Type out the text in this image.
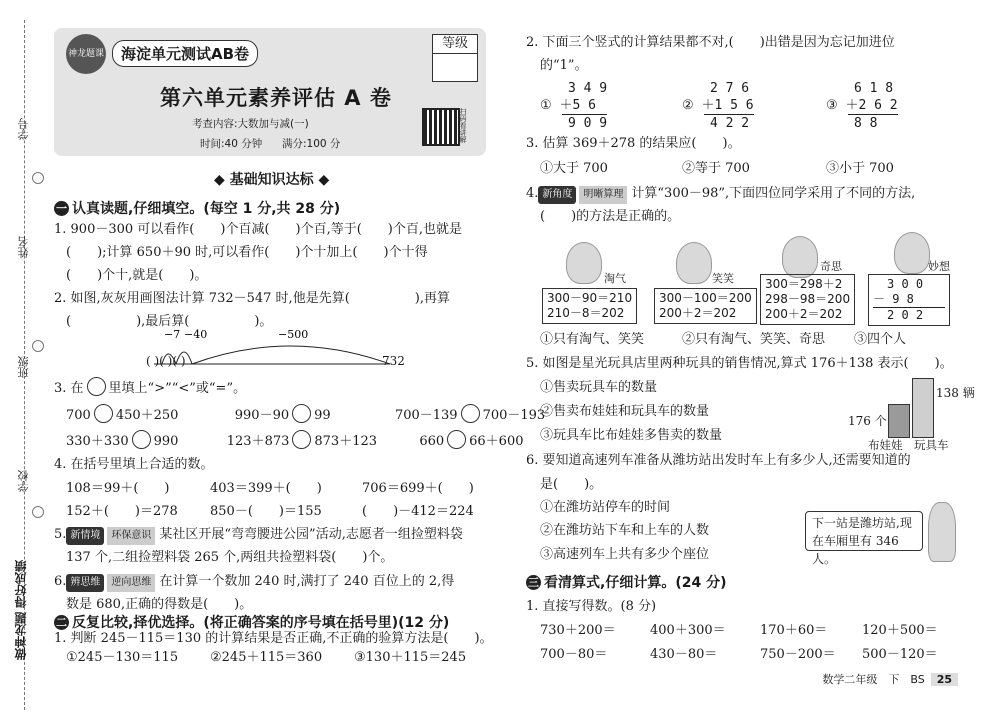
学号
姓名
班级
学校
做神龙题 得好成绩
神龙题课	海淀单元测试AB卷
等级
第六单元素养评估 A 卷
考查内容:大数加与减(一)
时间:40 分钟 满分:100 分
扫码看讲解
◆ 基础知识达标 ◆
一 认真读题,仔细填空。(每空 1 分,共 28 分)
1. 900－300 可以看作(　　)个百减(　　)个百,等于(　　)个百,也就是
(　　);计算 650＋90 时,可以看作(　　)个十加上(　　)个十得
(　　)个十,就是(　　)。
2. 如图,灰灰用画图法计算 732－547 时,他是先算(　　　　　),再算
(　　　　　),最后算(　　　　　)。
−7 −40	−500
( )( )( )	732
3. 在 里填上“>”“<”或“=”。
700 450＋250	990－90 99	700－139 700－193
330＋330 990	123＋873 873＋123	660 66＋600
4. 在括号里填上合适的数。
108＝99＋(　　)	403＝399＋(　　)	706＝699＋(　　)
152＋(　　)＝278 850－(　　)＝155	(　　)－412＝224
5. 新情境 环保意识 某社区开展“弯弯腰进公园”活动,志愿者一组捡塑料袋
137 个,二组捡塑料袋 265 个,两组共捡塑料袋(　　)个。
6. 辨思维 逆向思维 在计算一个数加 240 时,满打了 240 百位上的 2,得
数是 680,正确的得数是(　　)。
二 反复比较,择优选择。(将正确答案的序号填在括号里)(12 分)
1. 判断 245－115＝130 的计算结果是否正确,不正确的验算方法是(　　)。
①245－130＝115 ②245＋115＝360 ③130＋115＝245
2. 下面三个竖式的计算结果都不对,(　　)出错是因为忘记加进位
的“1”。
3 4 9
① ＋5 6
9 0 9
2 7 6
② ＋1 5 6
4 2 2
6 1 8
③ ＋2 6 2
8 8
3. 估算 369＋278 的结果应(　　)。
①大于 700	②等于 700	③小于 700
4. 新角度 明晰算理 计算“300－98”,下面四位同学采用了不同的方法,
(　　)的方法是正确的。
淘气
300－90＝210
210－8＝202
笑笑
300－100＝200
200＋2＝202
奇思
300＝298＋2
298－98＝200
200＋2＝202
妙想
3 0 0
－ 9 8
2 0 2
①只有淘气、笑笑	②只有淘气、笑笑、奇思 ③四个人
5. 如图是星光玩具店里两种玩具的销售情况,算式 176＋138 表示(　　)。
①售卖玩具车的数量
②售卖布娃娃和玩具车的数量
③玩具车比布娃娃多售卖的数量
176 个
138 辆
布娃娃 玩具车
6. 要知道高速列车准备从潍坊站出发时车上有多少人,还需要知道的
是(　　)。
①在潍坊站停车的时间
②在潍坊站下车和上车的人数
③高速列车上共有多少个座位
下一站是潍坊站,现在车厢里有 346 人。
三 看清算式,仔细计算。(24 分)
1. 直接写得数。(8 分)
730＋200＝	400＋300＝	170＋60＝	120＋500＝
700－80＝	430－80＝	750－200＝ 500－120＝
数学二年级　下　BS 25
